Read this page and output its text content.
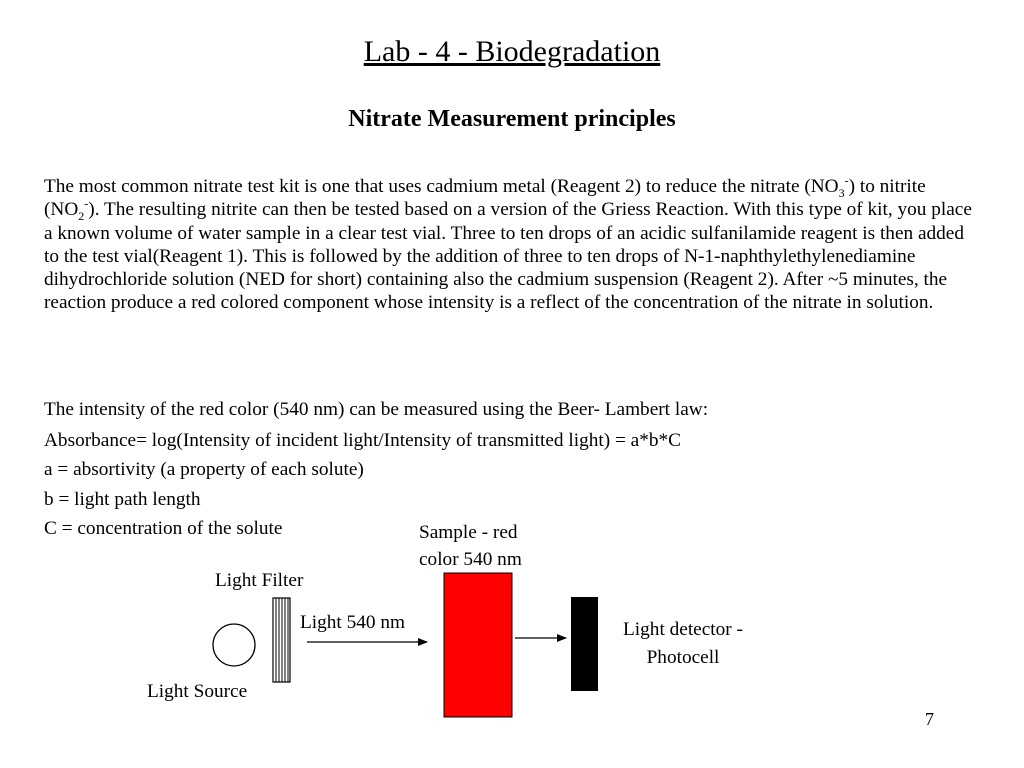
Lab - 4 - Biodegradation
Nitrate Measurement principles
The most common nitrate test kit is one that uses cadmium metal (Reagent 2) to reduce the nitrate $(NO_3^-)$ to nitrite $(NO_2^-)$. The resulting nitrite can then be tested based on a version of the Griess Reaction. With this type of kit, you place a known volume of water sample in a clear test vial. Three to ten drops of an acidic sulfanilamide reagent is then added to the test vial(Reagent 1). This is followed by the addition of three to ten drops of N-1-naphthylethylenediamine dihydrochloride solution (NED for short) containing also the cadmium suspension (Reagent 2). After ~5 minutes, the reaction produce a red colored component whose intensity is a reflect of the concentration of the nitrate in solution.
The intensity of the red color (540 nm) can be measured using the Beer- Lambert law:
Absorbance= log(Intensity of incident light/Intensity of transmitted light) = a*b*C
a = absortivity (a property of each solute)
b = light path length
C = concentration of the solute	Sample - red
color 540 nm
Light Filter
Light 540 nm	Light detector -
Photocell
Light Source
7
